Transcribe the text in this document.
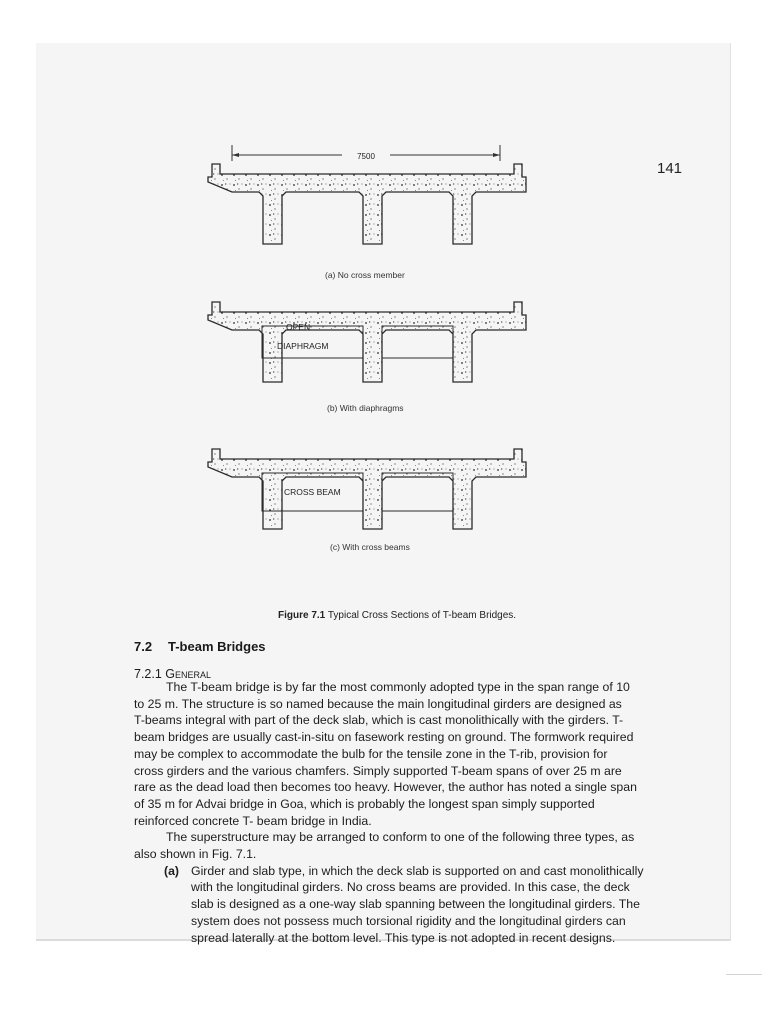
7500
OPEN
DIAPHRAGM
CROSS BEAM
141
(a) No cross member
(b) With diaphragms
(c) With cross beams
Figure 7.1 Typical Cross Sections of T-beam Bridges.
7.2 T-beam Bridges
7.2.1 General
The T-beam bridge is by far the most commonly adopted type in the span range of 10
to 25 m. The structure is so named because the main longitudinal girders are designed as
T-beams integral with part of the deck slab, which is cast monolithically with the girders. T-
beam bridges are usually cast-in-situ on fasework resting on ground. The formwork required
may be complex to accommodate the bulb for the tensile zone in the T-rib, provision for
cross girders and the various chamfers. Simply supported T-beam spans of over 25 m are
rare as the dead load then becomes too heavy. However, the author has noted a single span
of 35 m for Advai bridge in Goa, which is probably the longest span simply supported
reinforced concrete T- beam bridge in India.
The superstructure may be arranged to conform to one of the following three types, as
also shown in Fig. 7.1.
(a) Girder and slab type, in which the deck slab is supported on and cast monolithically
with the longitudinal girders. No cross beams are provided. In this case, the deck
slab is designed as a one-way slab spanning between the longitudinal girders. The
system does not possess much torsional rigidity and the longitudinal girders can
spread laterally at the bottom level. This type is not adopted in recent designs.
